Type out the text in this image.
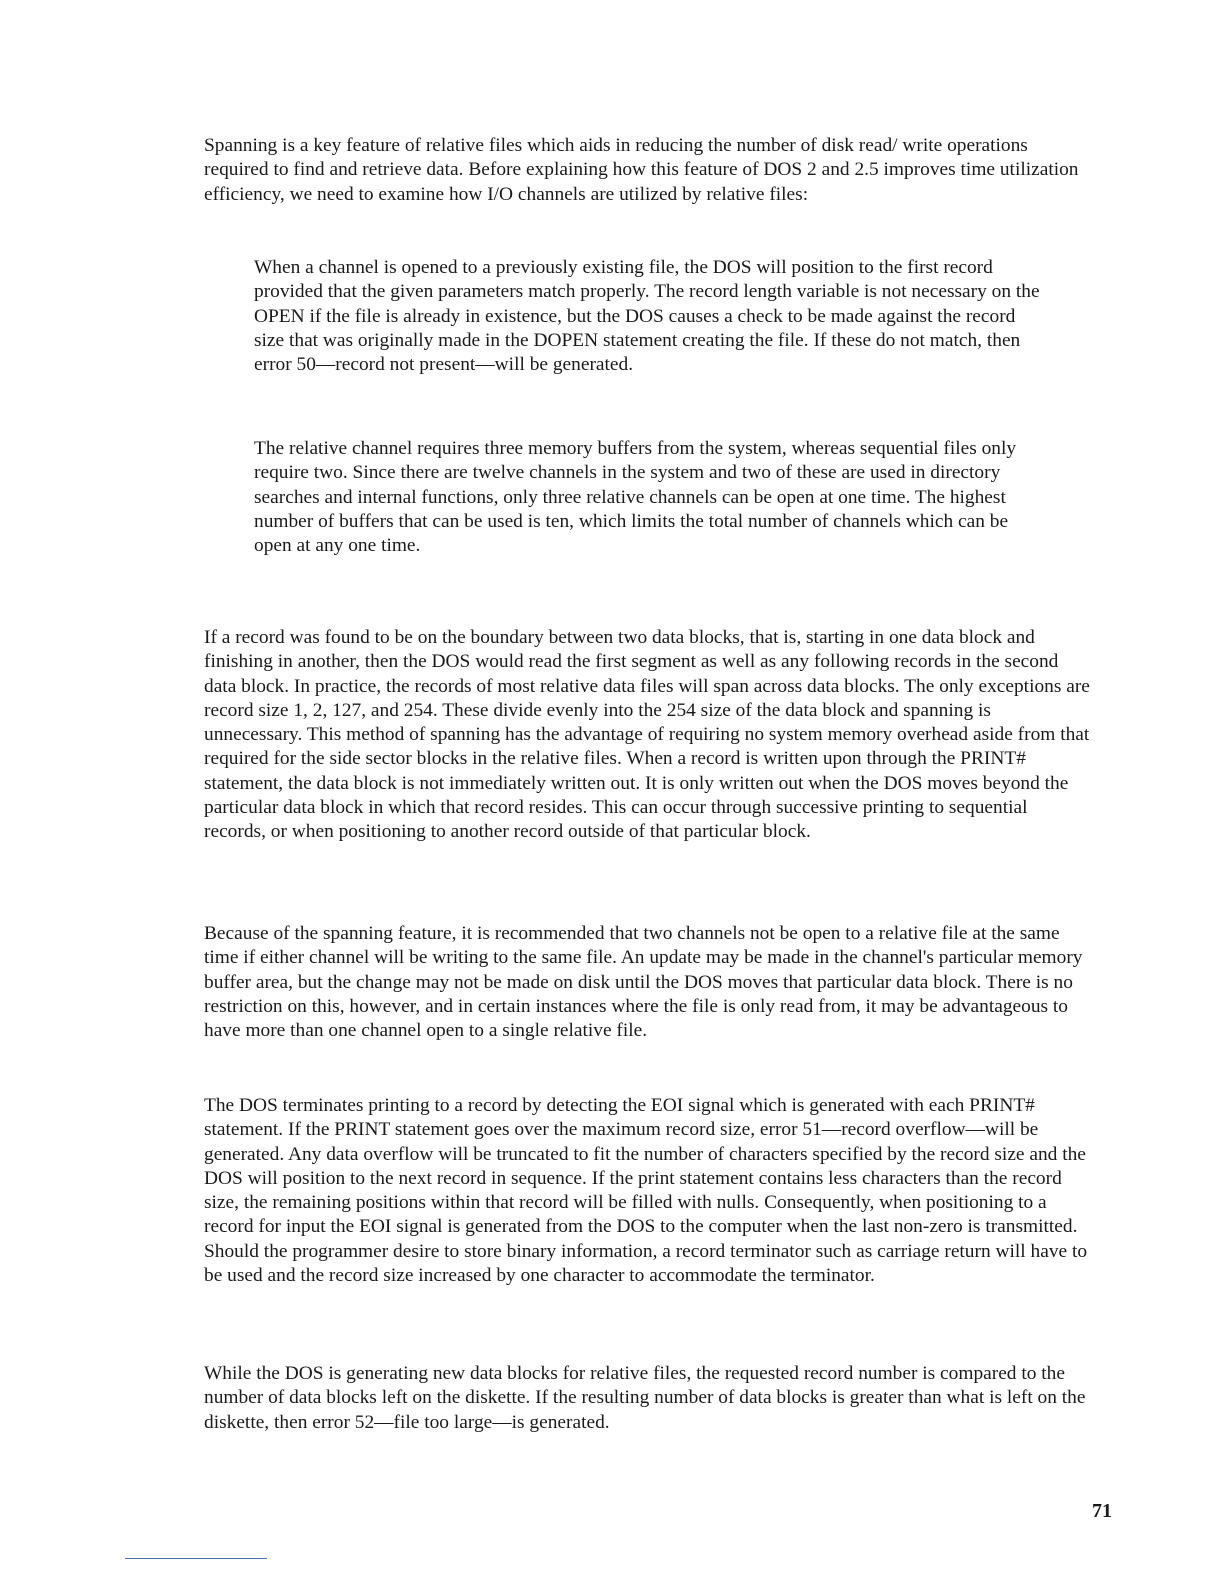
Spanning is a key feature of relative files which aids in reducing the number of disk read/ write operations required to find and retrieve data. Before explaining how this feature of DOS 2 and 2.5 improves time utilization efficiency, we need to examine how I/O channels are utilized by relative files:

When a channel is opened to a previously existing file, the DOS will position to the first record provided that the given parameters match properly. The record length variable is not necessary on the OPEN if the file is already in existence, but the DOS causes a check to be made against the record size that was originally made in the DOPEN statement creating the file. If these do not match, then error 50—record not present—will be generated.

The relative channel requires three memory buffers from the system, whereas sequential files only require two. Since there are twelve channels in the system and two of these are used in directory searches and internal functions, only three relative channels can be open at one time. The highest number of buffers that can be used is ten, which limits the total number of channels which can be open at any one time.

If a record was found to be on the boundary between two data blocks, that is, starting in one data block and finishing in another, then the DOS would read the first segment as well as any following records in the second data block. In practice, the records of most relative data files will span across data blocks. The only exceptions are record size 1, 2, 127, and 254. These divide evenly into the 254 size of the data block and spanning is unnecessary. This method of spanning has the advantage of requiring no system memory overhead aside from that required for the side sector blocks in the relative files. When a record is written upon through the PRINT# statement, the data block is not immediately written out. It is only written out when the DOS moves beyond the particular data block in which that record resides. This can occur through successive printing to sequential records, or when positioning to another record outside of that particular block.

Because of the spanning feature, it is recommended that two channels not be open to a relative file at the same time if either channel will be writing to the same file. An update may be made in the channel's particular memory buffer area, but the change may not be made on disk until the DOS moves that particular data block. There is no restriction on this, however, and in certain instances where the file is only read from, it may be advantageous to have more than one channel open to a single relative file.

The DOS terminates printing to a record by detecting the EOI signal which is generated with each PRINT# statement. If the PRINT statement goes over the maximum record size, error 51—record overflow—will be generated. Any data overflow will be truncated to fit the number of characters specified by the record size and the DOS will position to the next record in sequence. If the print statement contains less characters than the record size, the remaining positions within that record will be filled with nulls. Consequently, when positioning to a record for input the EOI signal is generated from the DOS to the computer when the last non-zero is transmitted. Should the programmer desire to store binary information, a record terminator such as carriage return will have to be used and the record size increased by one character to accommodate the terminator.

While the DOS is generating new data blocks for relative files, the requested record number is compared to the number of data blocks left on the diskette. If the resulting number of data blocks is greater than what is left on the diskette, then error 52—file too large—is generated.

71
